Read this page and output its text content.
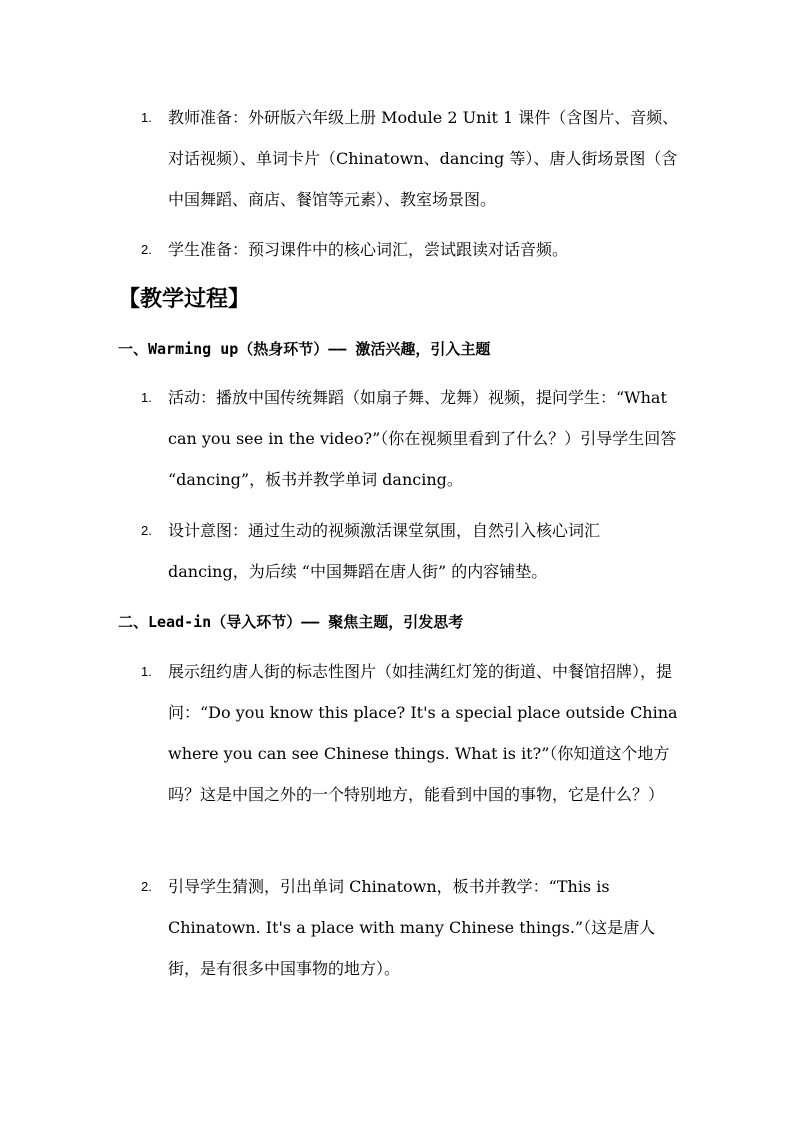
1.	教师准备：外研版六年级上册 Module 2 Unit 1 课件（含图片、音频、对话视频）、单词卡片（Chinatown、dancing 等）、唐人街场景图（含中国舞蹈、商店、餐馆等元素）、教室场景图。
2.	学生准备：预习课件中的核心词汇，尝试跟读对话音频。
【教学过程】
一、Warming up（热身环节）—— 激活兴趣，引入主题
1.	活动：播放中国传统舞蹈（如扇子舞、龙舞）视频，提问学生：“What can you see in the video?”（你在视频里看到了什么？）引导学生回答 “dancing”，板书并教学单词 dancing。
2.	设计意图：通过生动的视频激活课堂氛围，自然引入核心词汇 dancing，为后续 “中国舞蹈在唐人街” 的内容铺垫。
二、Lead-in（导入环节）—— 聚焦主题，引发思考
1.	展示纽约唐人街的标志性图片（如挂满红灯笼的街道、中餐馆招牌），提问：“Do you know this place? It's a special place outside China where you can see Chinese things. What is it?”（你知道这个地方吗？这是中国之外的一个特别地方，能看到中国的事物，它是什么？）
2.	引导学生猜测，引出单词 Chinatown，板书并教学：“This is Chinatown. It's a place with many Chinese things.”（这是唐人街，是有很多中国事物的地方）。
